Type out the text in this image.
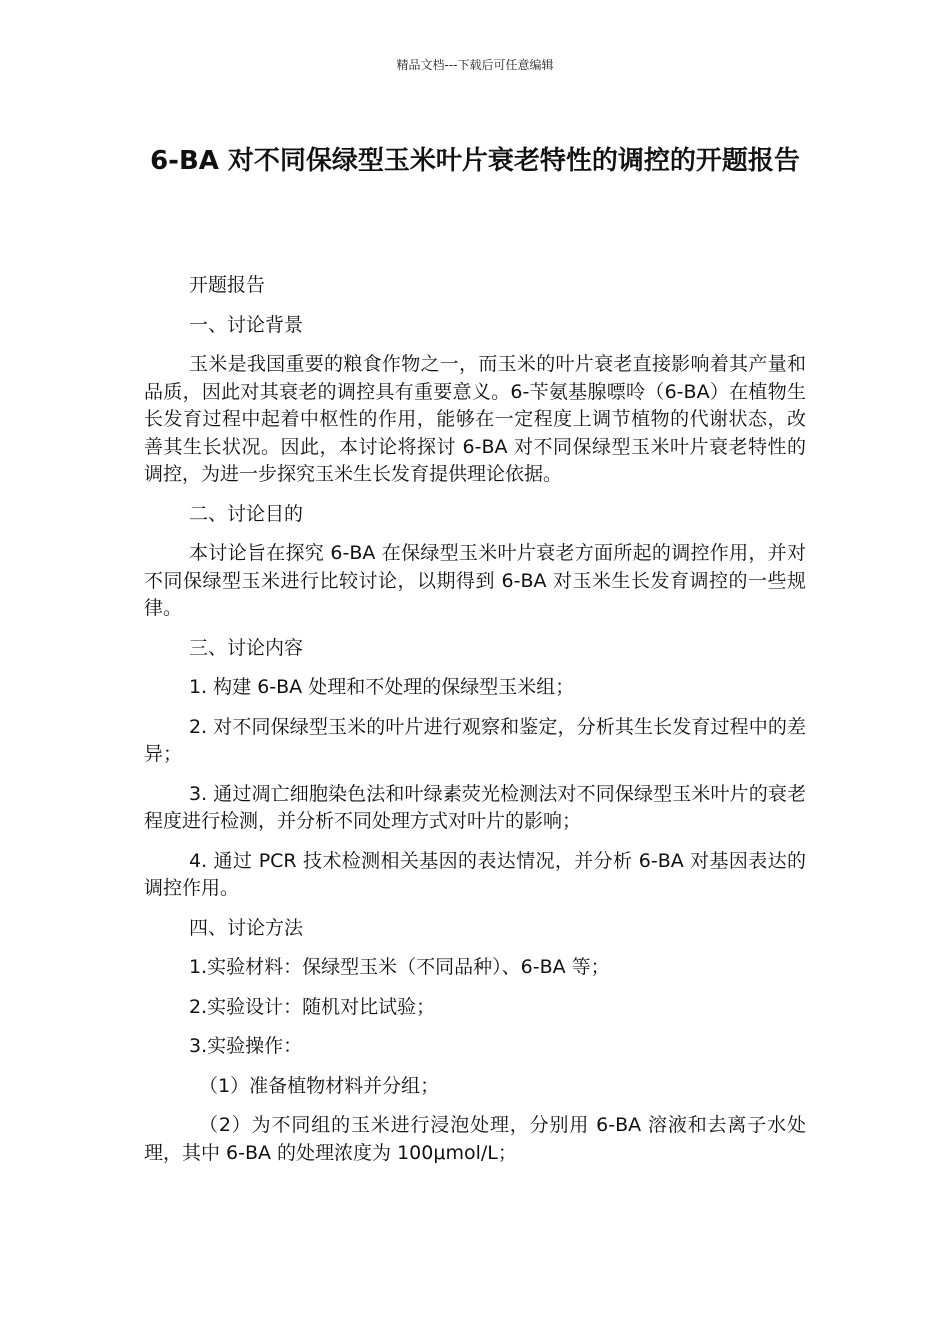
精品文档---下载后可任意编辑
6-BA 对不同保绿型玉米叶片衰老特性的调控的开题报告

开题报告

一、讨论背景

玉米是我国重要的粮食作物之一，而玉米的叶片衰老直接影响着其产量和品质，因此对其衰老的调控具有重要意义。6-苄氨基腺嘌呤（6-BA）在植物生长发育过程中起着中枢性的作用，能够在一定程度上调节植物的代谢状态，改善其生长状况。因此，本讨论将探讨 6-BA 对不同保绿型玉米叶片衰老特性的调控，为进一步探究玉米生长发育提供理论依据。

二、讨论目的

本讨论旨在探究 6-BA 在保绿型玉米叶片衰老方面所起的调控作用，并对不同保绿型玉米进行比较讨论，以期得到 6-BA 对玉米生长发育调控的一些规律。

三、讨论内容

1. 构建 6-BA 处理和不处理的保绿型玉米组；

2. 对不同保绿型玉米的叶片进行观察和鉴定，分析其生长发育过程中的差异；

3. 通过凋亡细胞染色法和叶绿素荧光检测法对不同保绿型玉米叶片的衰老程度进行检测，并分析不同处理方式对叶片的影响；

4. 通过 PCR 技术检测相关基因的表达情况，并分析 6-BA 对基因表达的调控作用。

四、讨论方法

1.实验材料：保绿型玉米（不同品种）、6-BA 等；

2.实验设计：随机对比试验；

3.实验操作：

（1）准备植物材料并分组；

（2）为不同组的玉米进行浸泡处理，分别用 6-BA 溶液和去离子水处理，其中 6-BA 的处理浓度为 100μmol/L；
